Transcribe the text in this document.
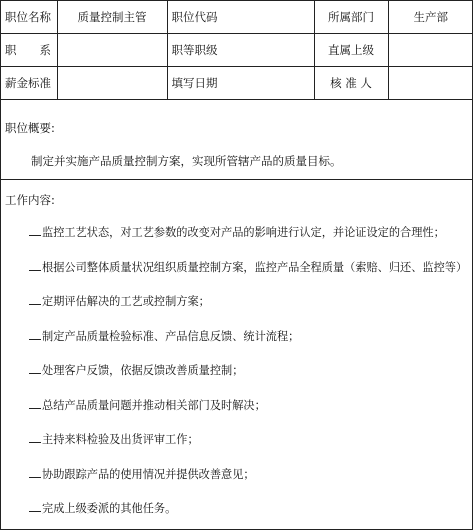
职位名称	质量控制主管	职位代码	所属部门	生产部
职　　系		职等职级	直属上级	
薪金标准		填写日期	核 准 人	
职位概要:
制定并实施产品质量控制方案，实现所管辖产品的质量目标。
工作内容:
监控工艺状态，对工艺参数的改变对产品的影响进行认定，并论证设定的合理性；
根据公司整体质量状况组织质量控制方案，监控产品全程质量（索赔、归还、监控等）
定期评估解决的工艺或控制方案；
制定产品质量检验标准、产品信息反馈、统计流程；
处理客户反馈，依据反馈改善质量控制；
总结产品质量问题并推动相关部门及时解决；
主持来料检验及出货评审工作；
协助跟踪产品的使用情况并提供改善意见；
完成上级委派的其他任务。
